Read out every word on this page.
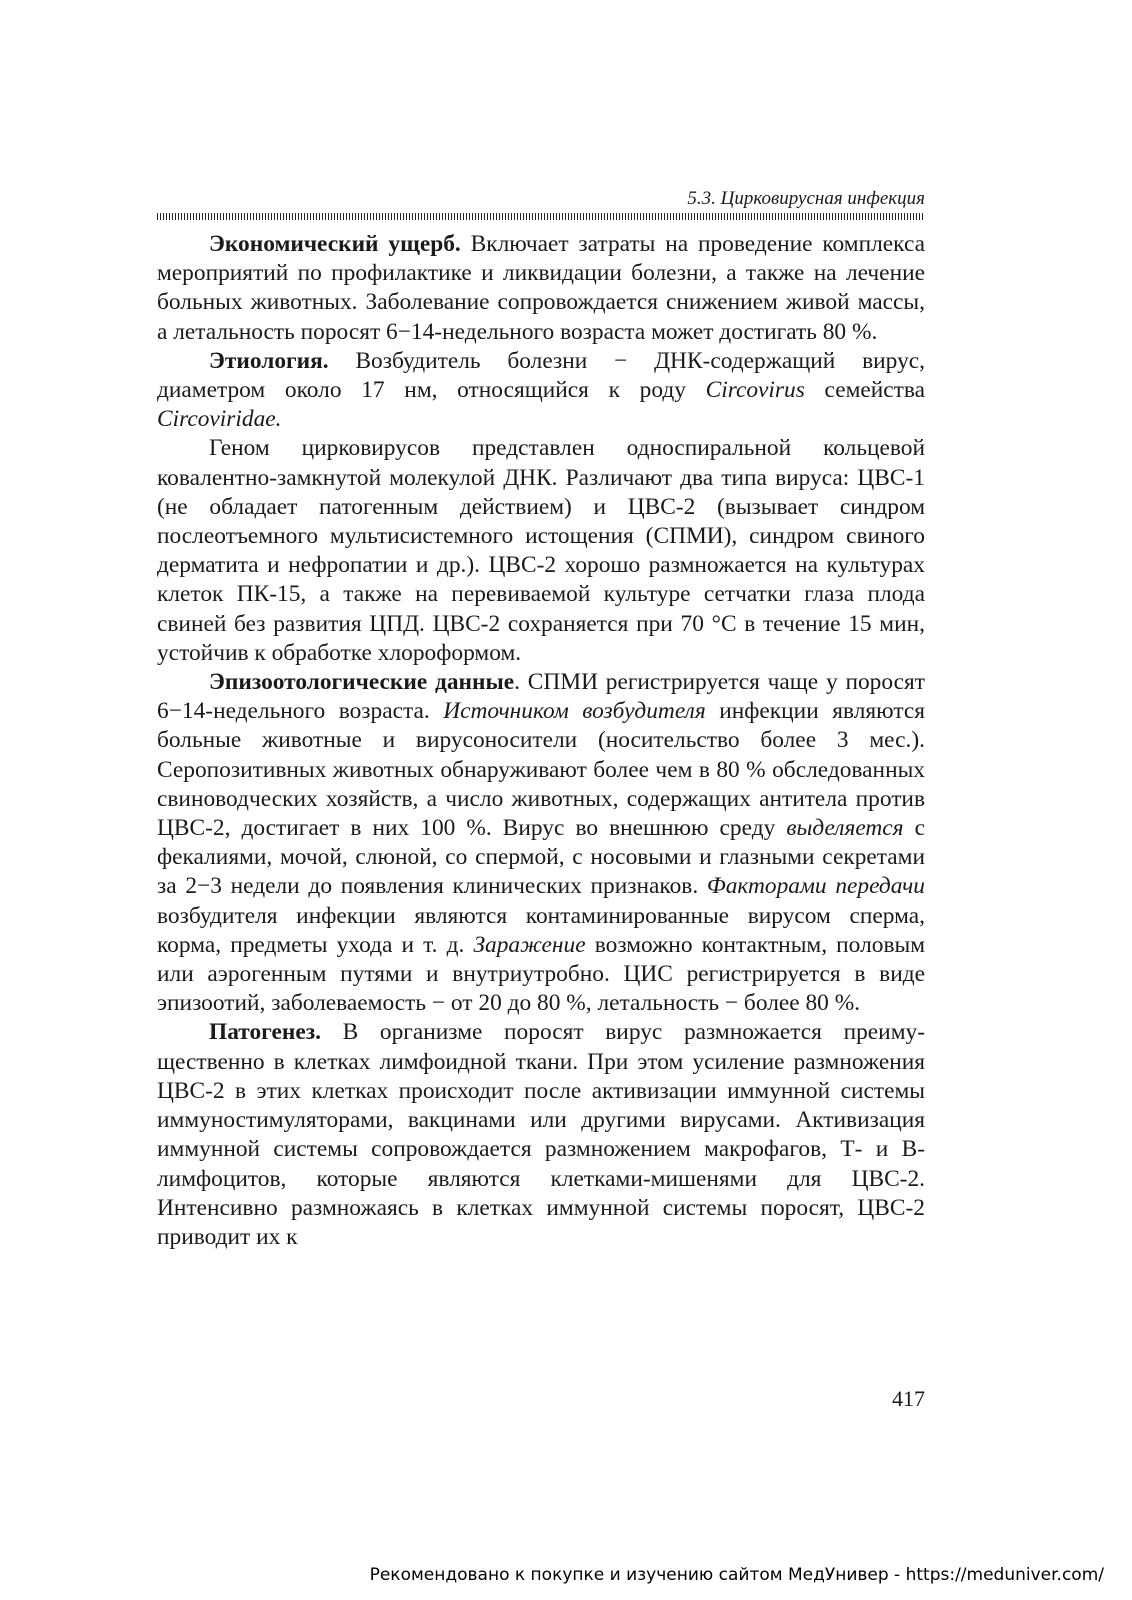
5.3. Цирковирусная инфекция

Экономический ущерб. Включает затраты на проведение комплекса мероприятий по профилактике и ликвидации болезни, а также на лечение больных животных. Заболевание сопровождается снижением живой массы, а летальность поросят 6−14-недельного возраста может достигать 80 %.

Этиология. Возбудитель болезни − ДНК-содержащий вирус, диаметром около 17 нм, относящийся к роду Circovirus семейства Circoviridae.

Геном цирковирусов представлен односпиральной кольцевой ковалентно-замкнутой молекулой ДНК. Различают два типа вируса: ЦВС-1 (не обладает патогенным действием) и ЦВС-2 (вызывает синдром послеотъемного мультисистемного истощения (СПМИ), синдром свиного дерматита и нефропатии и др.). ЦВС-2 хорошо размножается на культурах клеток ПК-15, а также на перевиваемой культуре сетчатки глаза плода свиней без развития ЦПД. ЦВС-2 сохраняется при 70 °С в течение 15 мин, устойчив к обработке хлороформом.

Эпизоотологические данные. СПМИ регистрируется чаще у поросят 6−14-недельного возраста. Источником возбудителя инфекции являются больные животные и вирусоносители (носительство более 3 мес.). Серопозитивных животных обнаруживают более чем в 80 % обследованных свиноводческих хозяйств, а число животных, содержащих антитела против ЦВС-2, достигает в них 100 %. Вирус во внешнюю среду выделяется с фекалиями, мочой, слюной, со спермой, с носовыми и глазными секретами за 2−3 недели до появления клинических признаков. Факторами передачи возбудителя инфекции являются контаминированные вирусом сперма, корма, предметы ухода и т. д. Заражение возможно контактным, половым или аэрогенным путями и внутриутробно. ЦИС регистрируется в виде эпизоотий, заболеваемость − от 20 до 80 %, летальность − более 80 %.

Патогенез. В организме поросят вирус размножается преимущественно в клетках лимфоидной ткани. При этом усиление размножения ЦВС-2 в этих клетках происходит после активизации иммунной системы иммуностимуляторами, вакцинами или другими вирусами. Активизация иммунной системы сопровождается размножением макрофагов, Т- и В-лимфоцитов, которые являются клетками-мишенями для ЦВС-2. Интенсивно размножаясь в клетках иммунной системы поросят, ЦВС-2 приводит их к

417
Рекомендовано к покупке и изучению сайтом МедУнивер - https://meduniver.com/
